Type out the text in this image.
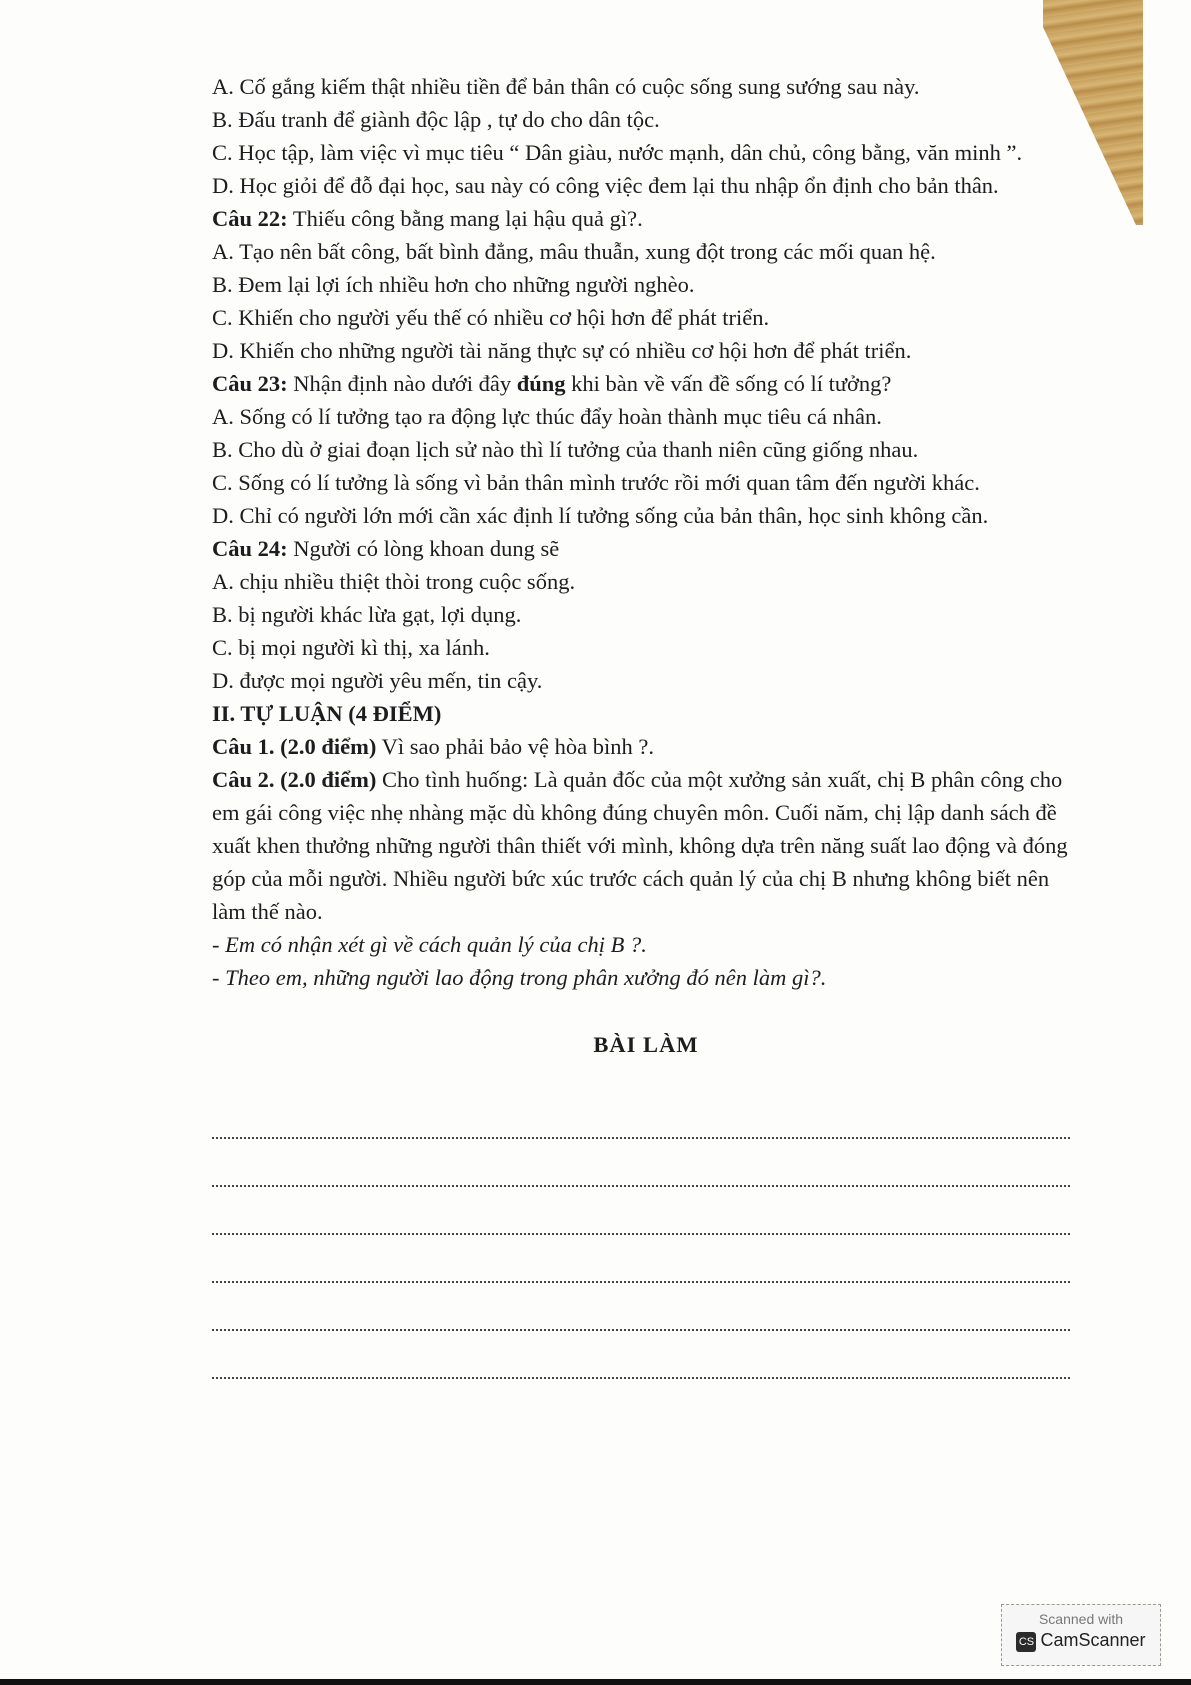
A. Cố gắng kiếm thật nhiều tiền để bản thân có cuộc sống sung sướng sau này.

B. Đấu tranh để giành độc lập , tự do cho dân tộc.

C. Học tập, làm việc vì mục tiêu “ Dân giàu, nước mạnh, dân chủ, công bằng, văn minh ”.

D. Học giỏi để đỗ đại học, sau này có công việc đem lại thu nhập ổn định cho bản thân.

Câu 22: Thiếu công bằng mang lại hậu quả gì?.

A. Tạo nên bất công, bất bình đẳng, mâu thuẫn, xung đột trong các mối quan hệ.

B. Đem lại lợi ích nhiều hơn cho những người nghèo.

C. Khiến cho người yếu thế có nhiều cơ hội hơn để phát triển.

D. Khiến cho những người tài năng thực sự có nhiều cơ hội hơn để phát triển.

Câu 23: Nhận định nào dưới đây đúng khi bàn về vấn đề sống có lí tưởng?

A. Sống có lí tưởng tạo ra động lực thúc đẩy hoàn thành mục tiêu cá nhân.

B. Cho dù ở giai đoạn lịch sử nào thì lí tưởng của thanh niên cũng giống nhau.

C. Sống có lí tưởng là sống vì bản thân mình trước rồi mới quan tâm đến người khác.

D. Chỉ có người lớn mới cần xác định lí tưởng sống của bản thân, học sinh không cần.

Câu 24: Người có lòng khoan dung sẽ

A. chịu nhiều thiệt thòi trong cuộc sống.

B. bị người khác lừa gạt, lợi dụng.

C. bị mọi người kì thị, xa lánh.

D. được mọi người yêu mến, tin cậy.

II. TỰ LUẬN (4 ĐIỂM)

Câu 1. (2.0 điểm) Vì sao phải bảo vệ hòa bình ?.

Câu 2. (2.0 điểm) Cho tình huống: Là quản đốc của một xưởng sản xuất, chị B phân công cho em gái công việc nhẹ nhàng mặc dù không đúng chuyên môn. Cuối năm, chị lập danh sách đề xuất khen thưởng những người thân thiết với mình, không dựa trên năng suất lao động và đóng góp của mỗi người. Nhiều người bức xúc trước cách quản lý của chị B nhưng không biết nên làm thế nào.

- Em có nhận xét gì về cách quản lý của chị B ?.

- Theo em, những người lao động trong phân xưởng đó nên làm gì?.

BÀI LÀM

Scanned with
CS CamScanner
